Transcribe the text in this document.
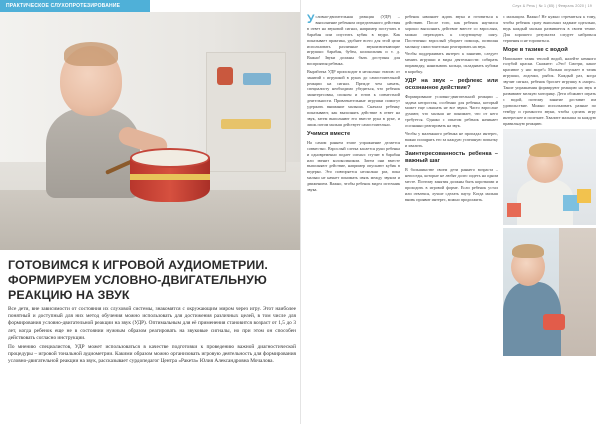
ПРАКТИЧЕСКОЕ СЛУХОПРОТЕЗИРОВАНИЕ
ГОТОВИМСЯ К ИГРОВОЙ АУДИОМЕТРИИ.
ФОРМИРУЕМ УСЛОВНО-ДВИГАТЕЛЬНУЮ
РЕАКЦИЮ НА ЗВУК

Все дети, вне зависимости от состояния их слуховой системы, знакомятся с окружающим миром через игру. Этот наиболее понятный и доступный для них метод обучения можно использовать для достижения различных целей, в том числе для формирования условно-двигательной реакции на звук (УДР). Оптимальным для её применения становится возраст от 1,5 до 3 лет, когда ребенок еще не в состоянии нужным образом реагировать на звуковые сигналы, но при этом он способен действовать согласно инструкции.

По мнению специалистов, УДР может использоваться в качестве подготовки к проведению важной диагностической процедуры – игровой тональной аудиометрии. Какими образом можно организовать игровую деятельность для формирования условно-двигательной реакции на звук, рассказывает сурдопедагог Центра «Ракета» Юлия Александровна Мочалова.

Слух & Речь | № 1 (85) | Февраль 2020 | 19

Условно-двигательная реакция (УДР) – выполнение ребенком определенного действия в ответ на звуковой сигнал, например постучать в барабан или опустить кубик в ведро. Как показывает практика, удобнее всего для этой цели использовать различные звукоизвлекающие игрушки: барабан, бубен, колокольчик и т. д. Важно! Звуки должны быть доступны для восприятия ребенка.

Выработка УДР происходит в несколько этапов: от занятий с игрушкой в руках до самостоятельной реакции на сигнал. Прежде чем начать, специалисту необходимо убедиться, что ребенок заинтересован, спокоен и готов к совместной деятельности. Привлекательные игрушки помогут удержать внимание малыша. Сначала ребенку показывают, как выполнять действие в ответ на звук, затем выполняют его вместе рука в руке, и лишь потом малыш действует самостоятельно.

Учимся вместе

На самом раннем этапе упражнение делается совместно. Взрослый слегка касается руки ребенка и одновременно подает сигнал: стучит в барабан или звенит колокольчиком. Затем они вместе выполняют действие, например опускают кубик в ведерко. Это повторяется несколько раз, пока малыш не начнет понимать связь между звуком и движением. Важно, чтобы ребенок видел источник звука.

ребенок начинает ждать звука и готовиться к действию. После того, как ребенок научился хорошо выполнять действие вместе со взрослым, можно переходить к следующему шагу. Постепенно взрослый убирает помощь, позволяя малышу самостоятельно реагировать на звук.

Чтобы поддерживать интерес к занятию, следует менять игрушки и виды деятельности: собирать пирамидку, нанизывать кольца, складывать кубики в коробку.

УДР на звук – рефлекс или осознанное действие?

Формирование условно-двигательной реакции – задача непростая, особенно для ребенка, который может еще слышать не все звуки. Часто взрослые думают, что малыш не понимает, что от него требуется. Однако с опытом ребенок начинает осознанно реагировать на звук.

Чтобы у маленького ребенка не пропадал интерес, важно поощрять его за каждую успешную попытку и хвалить.

Заинтересованность ребенка – важный шаг

В большинстве своем дети раннего возраста – непоседы, которые не любят долго сидеть на одном месте. Поэтому занятия должны быть короткими и проходить в игровой форме. Если ребенок устал или отвлекся, лучше сделать паузу. Когда малыш вновь проявит интерес, можно продолжить.

с малыщом. Важно! Не нужно стремиться к тому, чтобы ребенок сразу выполнял задание идеально, ведь каждый малыш развивается в своем темпе. Для хорошего результата следует набраться терпения и не торопиться.

Море в тазике с водой

Наполните тазик теплой водой, налейте немного голубой краски. Скажите: «Это! Смотри, какое красивое у нас море!» Малыш опускает в тазик игрушки, лодочки, рыбок. Каждый раз, когда звучит сигнал, ребенок бросает игрушку в «море». Такие упражнения формируют реакцию на звук и развивают мелкую моторику. Дети обожают играть с водой, поэтому занятие доставит им удовольствие. Можно использовать разные по тембру и громкости звуки, чтобы сделать игру интереснее и полезнее. Хвалите малыша за каждую правильную реакцию.
